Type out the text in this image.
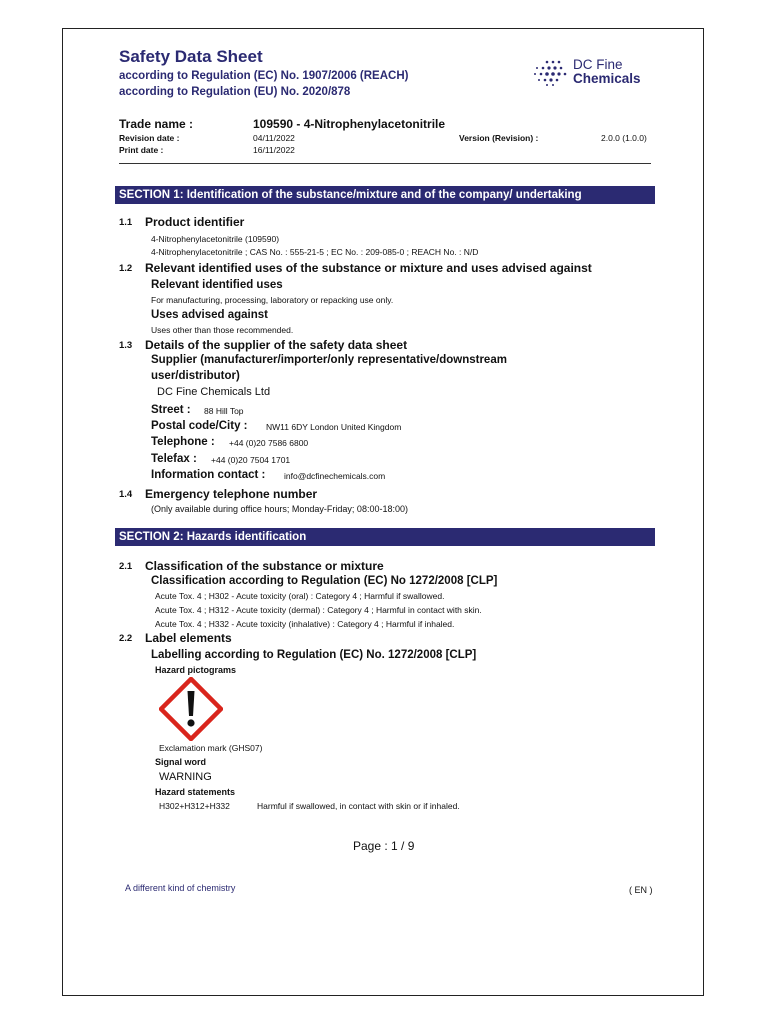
Safety Data Sheet
according to Regulation (EC) No. 1907/2006 (REACH)
according to Regulation (EU) No. 2020/878
DC Fine
Chemicals
Trade name :	109590 - 4-Nitrophenylacetonitrile
Revision date :	04/11/2022
Print date :	16/11/2022
Version (Revision) :	2.0.0 (1.0.0)
SECTION 1: Identification of the substance/mixture and of the company/ undertaking
1.1 Product identifier
4-Nitrophenylacetonitrile (109590)
4-Nitrophenylacetonitrile ; CAS No. : 555-21-5 ; EC No. : 209-085-0 ; REACH No. : N/D
1.2 Relevant identified uses of the substance or mixture and uses advised against
Relevant identified uses
For manufacturing, processing, laboratory or repacking use only.
Uses advised against
Uses other than those recommended.
1.3 Details of the supplier of the safety data sheet
Supplier (manufacturer/importer/only representative/downstream
user/distributor)
DC Fine Chemicals Ltd
Street : 88 Hill Top
Postal code/City : NW11 6DY London United Kingdom
Telephone : +44 (0)20 7586 6800
Telefax : +44 (0)20 7504 1701
Information contact : info@dcfinechemicals.com
1.4 Emergency telephone number
(Only available during office hours; Monday-Friday; 08:00-18:00)
SECTION 2: Hazards identification
2.1 Classification of the substance or mixture
Classification according to Regulation (EC) No 1272/2008 [CLP]
Acute Tox. 4 ; H302 - Acute toxicity (oral) : Category 4 ; Harmful if swallowed.
Acute Tox. 4 ; H312 - Acute toxicity (dermal) : Category 4 ; Harmful in contact with skin.
Acute Tox. 4 ; H332 - Acute toxicity (inhalative) : Category 4 ; Harmful if inhaled.
2.2 Label elements
Labelling according to Regulation (EC) No. 1272/2008 [CLP]
Hazard pictograms
Exclamation mark (GHS07)
Signal word
WARNING
Hazard statements
H302+H312+H332	Harmful if swallowed, in contact with skin or if inhaled.
Page : 1 / 9
A different kind of chemistry	( EN )
